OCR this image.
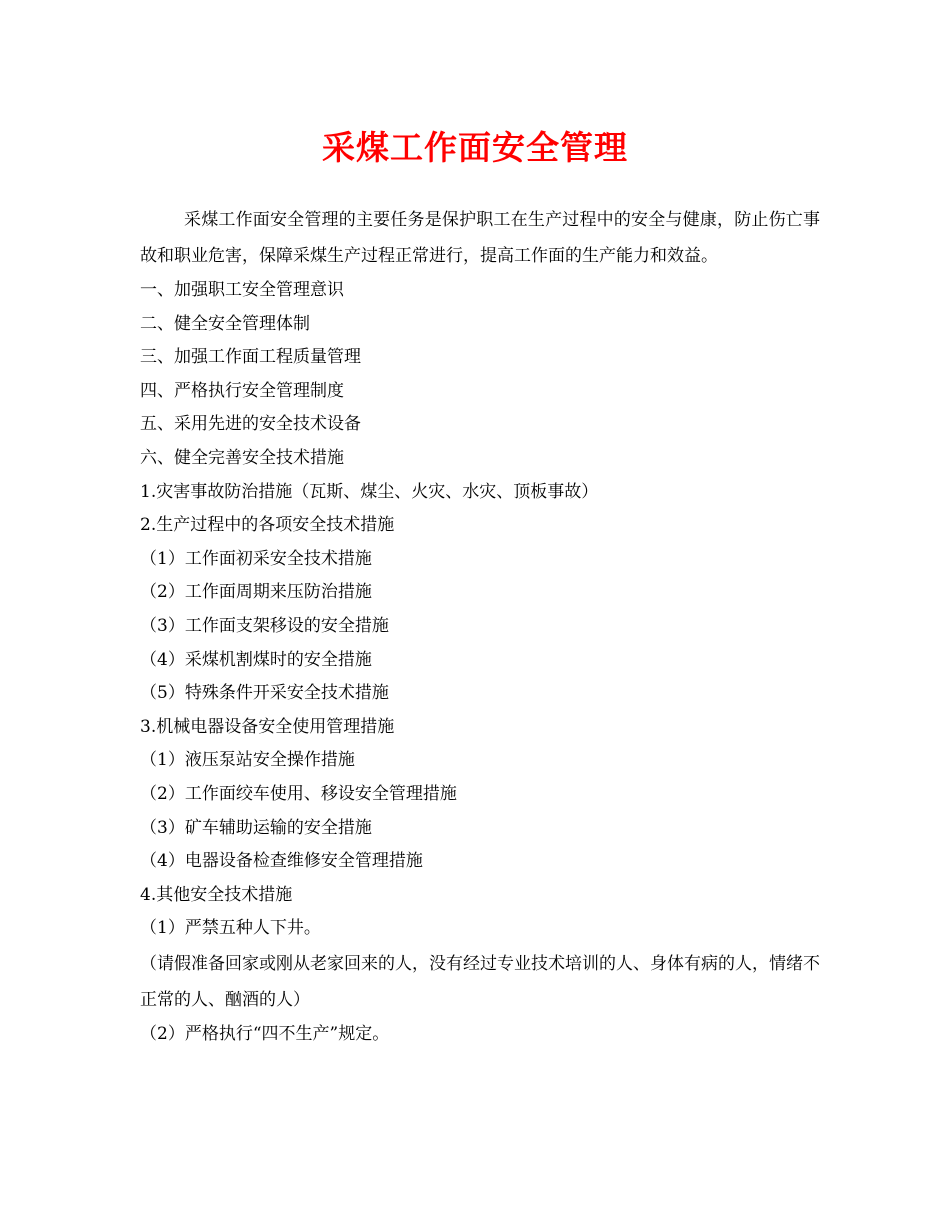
采煤工作面安全管理

采煤工作面安全管理的主要任务是保护职工在生产过程中的安全与健康，防止伤亡事故和职业危害，保障采煤生产过程正常进行，提高工作面的生产能力和效益。

一、加强职工安全管理意识

二、健全安全管理体制

三、加强工作面工程质量管理

四、严格执行安全管理制度

五、采用先进的安全技术设备

六、健全完善安全技术措施

1.灾害事故防治措施（瓦斯、煤尘、火灾、水灾、顶板事故）

2.生产过程中的各项安全技术措施

（1）工作面初采安全技术措施

（2）工作面周期来压防治措施

（3）工作面支架移设的安全措施

（4）采煤机割煤时的安全措施

（5）特殊条件开采安全技术措施

3.机械电器设备安全使用管理措施

（1）液压泵站安全操作措施

（2）工作面绞车使用、移设安全管理措施

（3）矿车辅助运输的安全措施

（4）电器设备检查维修安全管理措施

4.其他安全技术措施

（1）严禁五种人下井。

（请假准备回家或刚从老家回来的人，没有经过专业技术培训的人、身体有病的人，情绪不正常的人、酗酒的人）

（2）严格执行“四不生产”规定。
